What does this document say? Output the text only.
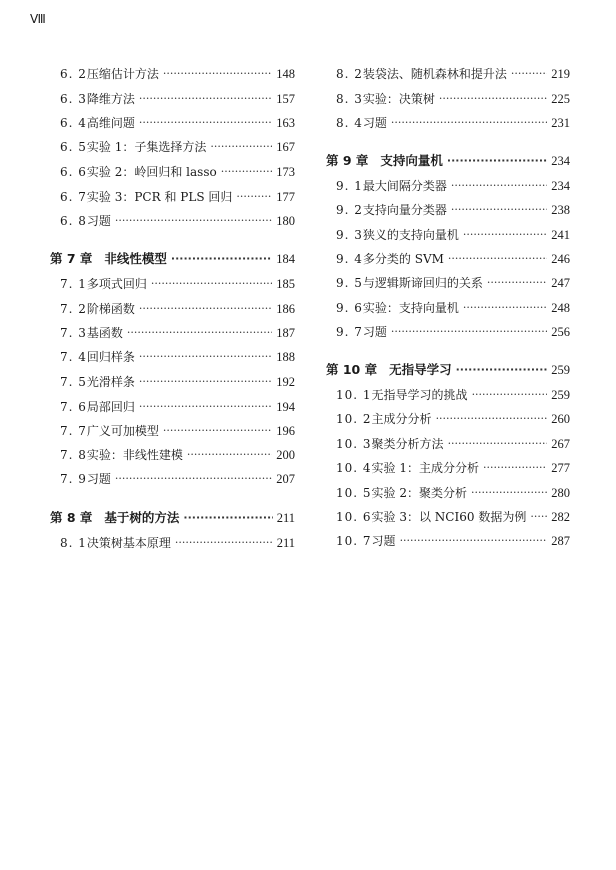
Ⅷ
6. 2 压缩估计方法 ·····	148
6. 3 降维方法 ·····	157
6. 4 高维问题 ·····	163
6. 5 实验 1：子集选择方法 ·····	167
6. 6 实验 2：岭回归和 lasso ·····	173
6. 7 实验 3：PCR 和 PLS 回归 ·····	177
6. 8 习题 ·····	180
第 7 章 非线性模型 ·····	184
7. 1 多项式回归 ·····	185
7. 2 阶梯函数 ·····	186
7. 3 基函数 ·····	187
7. 4 回归样条 ·····	188
7. 5 光滑样条 ·····	192
7. 6 局部回归 ·····	194
7. 7 广义可加模型 ·····	196
7. 8 实验：非线性建模 ·····	200
7. 9 习题 ·····	207
第 8 章 基于树的方法 ·····	211
8. 1 决策树基本原理 ·····	211
8. 2 装袋法、随机森林和提升法 ·····	219
8. 3 实验：决策树 ·····	225
8. 4 习题 ·····	231
第 9 章 支持向量机 ·····	234
9. 1 最大间隔分类器 ·····	234
9. 2 支持向量分类器 ·····	238
9. 3 狭义的支持向量机 ·····	241
9. 4 多分类的 SVM ·····	246
9. 5 与逻辑斯谛回归的关系 ·····	247
9. 6 实验：支持向量机 ·····	248
9. 7 习题 ·····	256
第 10 章 无指导学习 ·····	259
10. 1 无指导学习的挑战 ·····	259
10. 2 主成分分析 ·····	260
10. 3 聚类分析方法 ·····	267
10. 4 实验 1：主成分分析 ·····	277
10. 5 实验 2：聚类分析 ·····	280
10. 6 实验 3：以 NCI60 数据为例 ····· 282
10. 7 习题 ·····	287
